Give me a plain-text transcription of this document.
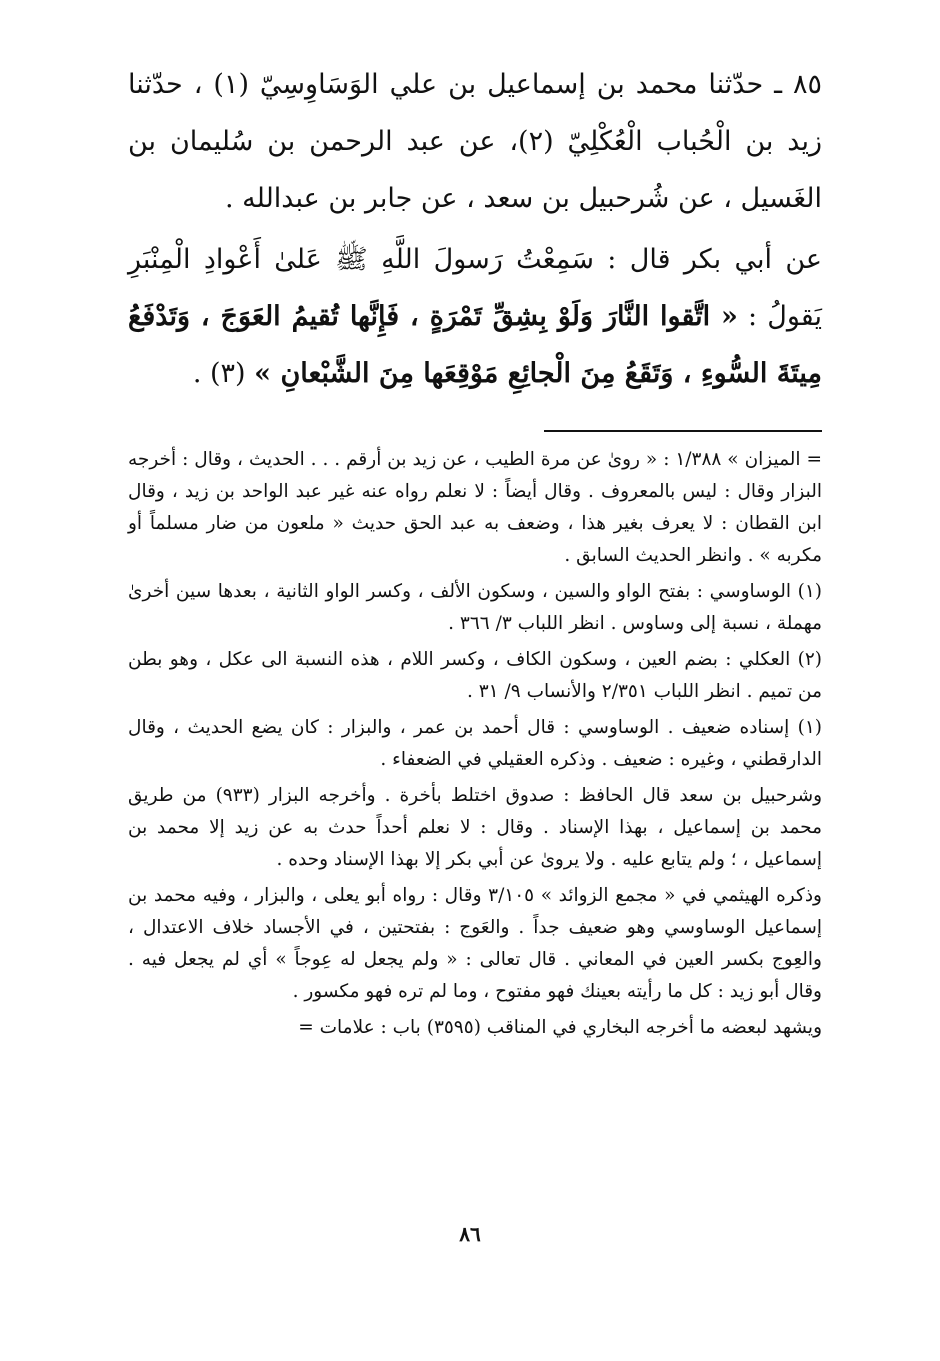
٨٥ ـ حدّثنا محمد بن إسماعيل بن علي الوَسَاوِسِيّ (١) ، حدّثنا زيد بن الْحُباب الْعُكْلِيّ (٢)، عن عبد الرحمن بن سُليمان بن الغَسيل ، عن شُرحبيل بن سعد ، عن جابر بن عبدالله .

عن أبي بكر قال : سَمِعْتُ رَسولَ اللَّهِ ﷺ عَلىٰ أَعْوادِ الْمِنْبَرِ يَقولُ : « اتَّقوا النَّارَ وَلَوْ بِشِقِّ تَمْرَةٍ ، فَإِنَّها تُقيمُ العَوَجَ ، وَتَدْفَعُ مِيتَةَ السُّوءِ ، وَتَقَعُ مِنَ الْجائِعِ مَوْقِعَها مِنَ الشَّبْعانِ » (٣) .

= الميزان » ١/٣٨٨ : « روىٰ عن مرة الطيب ، عن زيد بن أرقم . . . الحديث ، وقال : أخرجه البزار وقال : ليس بالمعروف . وقال أيضاً : لا نعلم رواه عنه غير عبد الواحد بن زيد ، وقال ابن القطان : لا يعرف بغير هذا ، وضعف به عبد الحق حديث « ملعون من ضار مسلماً أو مكربه » . وانظر الحديث السابق .

(١) الوساوسي : بفتح الواو والسين ، وسكون الألف ، وكسر الواو الثانية ، بعدها سين أخرىٰ مهملة ، نسبة إلى وساوس . انظر اللباب ٣/ ٣٦٦ .

(٢) العكلي : بضم العين ، وسكون الكاف ، وكسر اللام ، هذه النسبة الى عكل ، وهو بطن من تميم . انظر اللباب ٢/٣٥١ والأنساب ٩/ ٣١ .

(١) إسناده ضعيف . الوساوسي : قال أحمد بن عمر ، والبزار : كان يضع الحديث ، وقال الدارقطني ، وغيره : ضعيف . وذكره العقيلي في الضعفاء .

وشرحبيل بن سعد قال الحافظ : صدوق اختلط بأخرة . وأخرجه البزار (٩٣٣) من طريق محمد بن إسماعيل ، بهذا الإسناد . وقال : لا نعلم أحداً حدث به عن زيد إلا محمد بن إسماعيل ، ؛ ولم يتابع عليه . ولا يروىٰ عن أبي بكر إلا بهذا الإسناد وحده .

وذكره الهيثمي في « مجمع الزوائد » ٣/١٠٥ وقال : رواه أبو يعلى ، والبزار ، وفيه محمد بن إسماعيل الوساوسي وهو ضعيف جداً . والعَوج : بفتحتين ، في الأجساد خلاف الاعتدال ، والعِوج بكسر العين في المعاني . قال تعالى : « ولم يجعل له عِوجاً » أي لم يجعل فيه . وقال أبو زيد : كل ما رأيته بعينك فهو مفتوح ، وما لم تره فهو مكسور .

ويشهد لبعضه ما أخرجه البخاري في المناقب (٣٥٩٥) باب : علامات =

٨٦
